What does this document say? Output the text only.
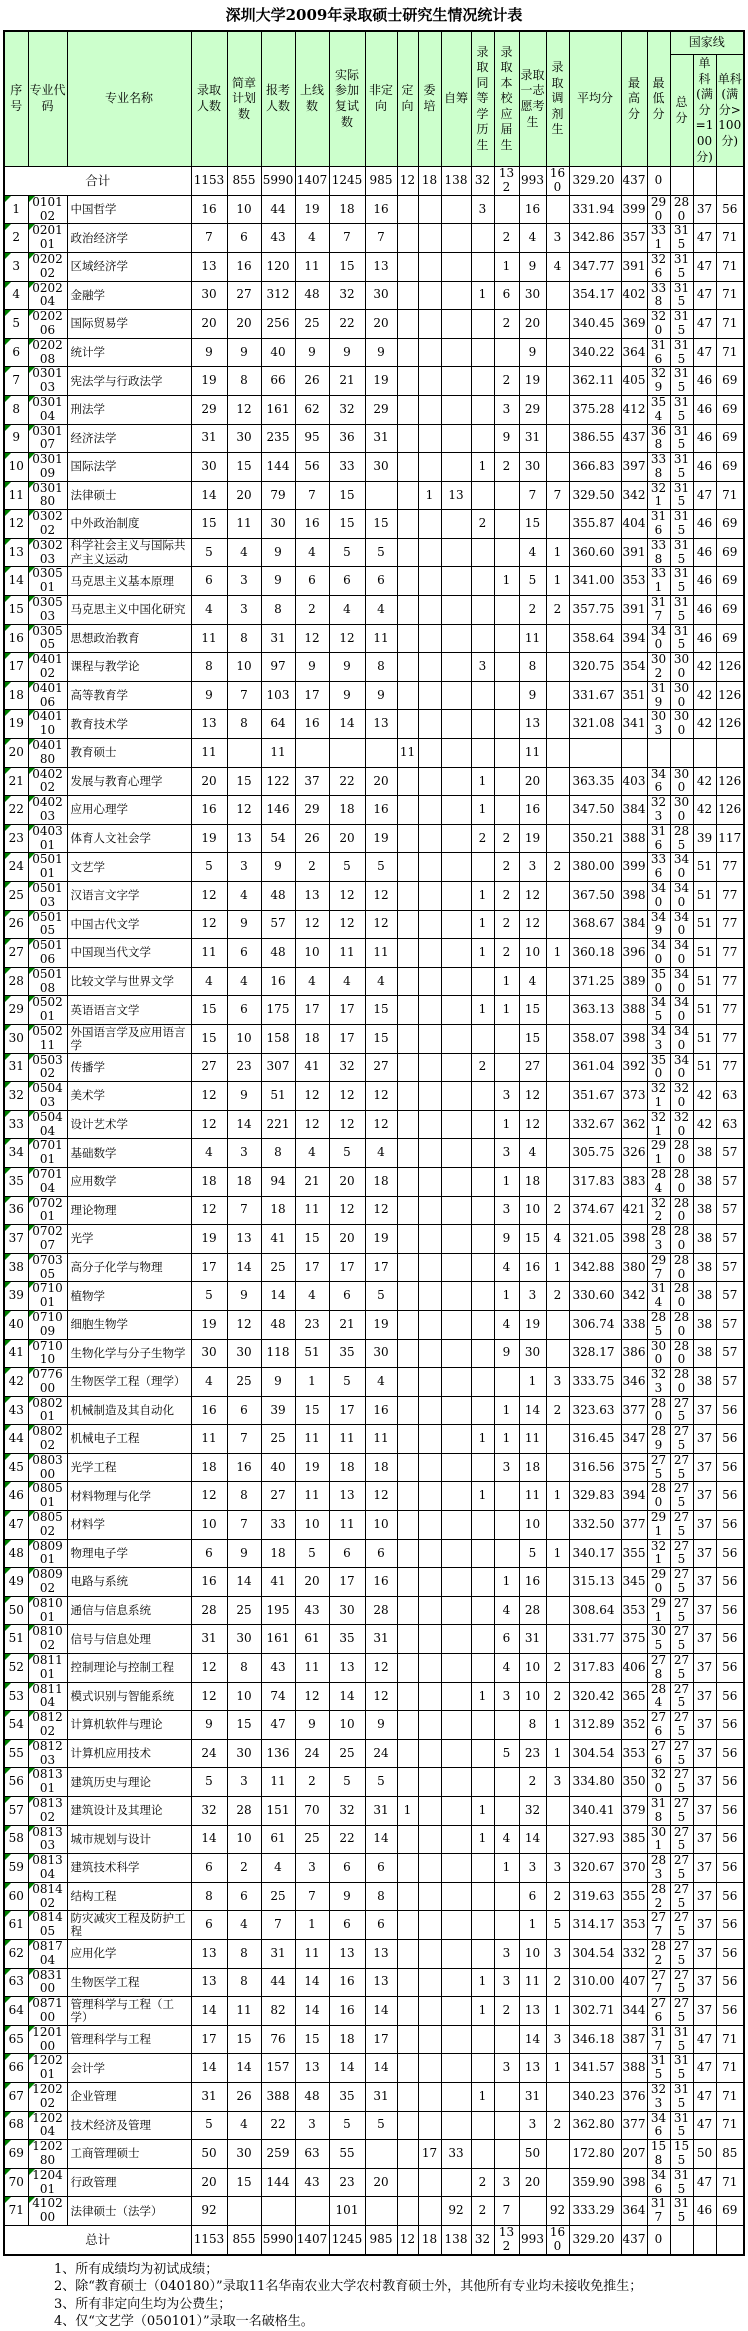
深圳大学2009年录取硕士研究生情况统计表
序号	专业代码	专业名称	录取人数	简章计划数	报考人数	上线数	实际参加复试数	非定向	定向	委培	自筹	录取同等学历生	录取本校应届生	录取一志愿考生	录取调剂生	平均分	最高分	最低分	国家线		
																			总分	单科(满分=100分)	单科(满分>100分)
合计			1153	855	5990	1407	1245	985	12	18	138	32	132	993	160	329.20	437	0			

1	010102	中国哲学	16	10	44	19	18	16				3		16		331.94	399	290	280	37	56

2	020101	政治经济学	7	6	43	4	7	7					2	4	3	342.86	357	331	315	47	71

3	020202	区域经济学	13	16	120	11	15	13					1	9	4	347.77	391	326	315	47	71

4	020204	金融学	30	27	312	48	32	30				1	6	30		354.17	402	338	315	47	71

5	020206	国际贸易学	20	20	256	25	22	20					2	20		340.45	369	320	315	47	71

6	020208	统计学	9	9	40	9	9	9						9		340.22	364	316	315	47	71

7	030103	宪法学与行政法学	19	8	66	26	21	19					2	19		362.11	405	329	315	46	69

8	030104	刑法学	29	12	161	62	32	29					3	29		375.28	412	354	315	46	69

9	030107	经济法学	31	30	235	95	36	31					9	31		386.55	437	368	315	46	69

10	030109	国际法学	30	15	144	56	33	30				1	2	30		366.83	397	338	315	46	69

11	030180	法律硕士	14	20	79	7	15			1	13			7	7	329.50	342	321	315	47	71

12	030202	中外政治制度	15	11	30	16	15	15				2		15		355.87	404	316	315	46	69

13	030203	科学社会主义与国际共产主义运动	5	4	9	4	5	5						4	1	360.60	391	338	315	46	69

14	030501	马克思主义基本原理	6	3	9	6	6	6					1	5	1	341.00	353	331	315	46	69

15	030503	马克思主义中国化研究	4	3	8	2	4	4						2	2	357.75	391	317	315	46	69

16	030505	思想政治教育	11	8	31	12	12	11						11		358.64	394	340	315	46	69

17	040102	课程与教学论	8	10	97	9	9	8				3		8		320.75	354	302	300	42	126

18	040106	高等教育学	9	7	103	17	9	9						9		331.67	351	319	300	42	126

19	040110	教育技术学	13	8	64	16	14	13						13		321.08	341	303	300	42	126

20	040180	教育硕士	11		11				11					11							

21	040202	发展与教育心理学	20	15	122	37	22	20				1		20		363.35	403	346	300	42	126

22	040203	应用心理学	16	12	146	29	18	16				1		16		347.50	384	323	300	42	126

23	040301	体育人文社会学	19	13	54	26	20	19				2	2	19		350.21	388	316	285	39	117

24	050101	文艺学	5	3	9	2	5	5					2	3	2	380.00	399	336	340	51	77

25	050103	汉语言文字学	12	4	48	13	12	12				1	2	12		367.50	398	340	340	51	77

26	050105	中国古代文学	12	9	57	12	12	12				1	2	12		368.67	384	349	340	51	77

27	050106	中国现当代文学	11	6	48	10	11	11				1	2	10	1	360.18	396	340	340	51	77

28	050108	比较文学与世界文学	4	4	16	4	4	4					1	4		371.25	389	350	340	51	77

29	050201	英语语言文学	15	6	175	17	17	15				1	1	15		363.13	388	345	340	51	77

30	050211	外国语言学及应用语言学	15	10	158	18	17	15						15		358.07	398	343	340	51	77

31	050302	传播学	27	23	307	41	32	27				2		27		361.04	392	350	340	51	77

32	050403	美术学	12	9	51	12	12	12					3	12		351.67	373	321	320	42	63

33	050404	设计艺术学	12	14	221	12	12	12					1	12		332.67	362	321	320	42	63

34	070101	基础数学	4	3	8	4	5	4					3	4		305.75	326	291	280	38	57

35	070104	应用数学	18	18	94	21	20	18					1	18		317.83	383	284	280	38	57

36	070201	理论物理	12	7	18	11	12	12					3	10	2	374.67	421	322	280	38	57

37	070207	光学	19	13	41	15	20	19					9	15	4	321.05	398	283	280	38	57

38	070305	高分子化学与物理	17	14	25	17	17	17					4	16	1	342.88	380	297	280	38	57

39	071001	植物学	5	9	14	4	6	5					1	3	2	330.60	342	314	280	38	57

40	071009	细胞生物学	19	12	48	23	21	19					4	19		306.74	338	285	280	38	57

41	071010	生物化学与分子生物学	30	30	118	51	35	30					9	30		328.17	386	300	280	38	57

42	077600	生物医学工程（理学）	4	25	9	1	5	4						1	3	333.75	346	323	280	38	57

43	080201	机械制造及其自动化	16	6	39	15	17	16					1	14	2	323.63	377	280	275	37	56

44	080202	机械电子工程	11	7	25	11	11	11				1	1	11		316.45	347	289	275	37	56

45	080300	光学工程	18	16	40	19	18	18					3	18		316.56	375	275	275	37	56

46	080501	材料物理与化学	12	8	27	11	13	12				1		11	1	329.83	394	280	275	37	56

47	080502	材料学	10	7	33	10	11	10						10		332.50	377	291	275	37	56

48	080901	物理电子学	6	9	18	5	6	6						5	1	340.17	355	321	275	37	56

49	080902	电路与系统	16	14	41	20	17	16					1	16		315.13	345	290	275	37	56

50	081001	通信与信息系统	28	25	195	43	30	28					4	28		308.64	353	291	275	37	56

51	081002	信号与信息处理	31	30	161	61	35	31					6	31		331.77	375	305	275	37	56

52	081101	控制理论与控制工程	12	8	43	11	13	12					4	10	2	317.83	406	278	275	37	56

53	081104	模式识别与智能系统	12	10	74	12	14	12				1	3	10	2	320.42	365	284	275	37	56

54	081202	计算机软件与理论	9	15	47	9	10	9						8	1	312.89	352	276	275	37	56

55	081203	计算机应用技术	24	30	136	24	25	24					5	23	1	304.54	353	276	275	37	56

56	081301	建筑历史与理论	5	3	11	2	5	5						2	3	334.80	350	320	275	37	56

57	081302	建筑设计及其理论	32	28	151	70	32	31	1			1		32		340.41	379	318	275	37	56

58	081303	城市规划与设计	14	10	61	25	22	14				1	4	14		327.93	385	301	275	37	56

59	081304	建筑技术科学	6	2	4	3	6	6					1	3	3	320.67	370	283	275	37	56

60	081402	结构工程	8	6	25	7	9	8						6	2	319.63	355	282	275	37	56

61	081405	防灾减灾工程及防护工程	6	4	7	1	6	6						1	5	314.17	353	277	275	37	56

62	081704	应用化学	13	8	31	11	13	13					3	10	3	304.54	332	282	275	37	56

63	083100	生物医学工程	13	8	44	14	16	13				1	3	11	2	310.00	407	277	275	37	56

64	087100	管理科学与工程（工学）	14	11	82	14	16	14				1	2	13	1	302.71	344	276	275	37	56

65	120100	管理科学与工程	17	15	76	15	18	17						14	3	346.18	387	317	315	47	71

66	120201	会计学	14	14	157	13	14	14					3	13	1	341.57	388	315	315	47	71

67	120202	企业管理	31	26	388	48	35	31				1		31		340.23	376	323	315	47	71

68	120204	技术经济及管理	5	4	22	3	5	5						3	2	362.80	377	346	315	47	71

69	120280	工商管理硕士	50	30	259	63	55			17	33			50		172.80	207	158	155	50	85

70	120401	行政管理	20	15	144	43	23	20				2	3	20		359.90	398	346	315	47	71

71	410200	法律硕士（法学）	92				101				92	2	7		92	333.29	364	317	315	46	69
总计			1153	855	5990	1407	1245	985	12	18	138	32	132	993	160	329.20	437	0			
1、所有成绩均为初试成绩；
2、除“教育硕士（040180）”录取11名华南农业大学农村教育硕士外，其他所有专业均未接收免推生；
3、所有非定向生均为公费生；
4、仅“文艺学（050101）”录取一名破格生。
